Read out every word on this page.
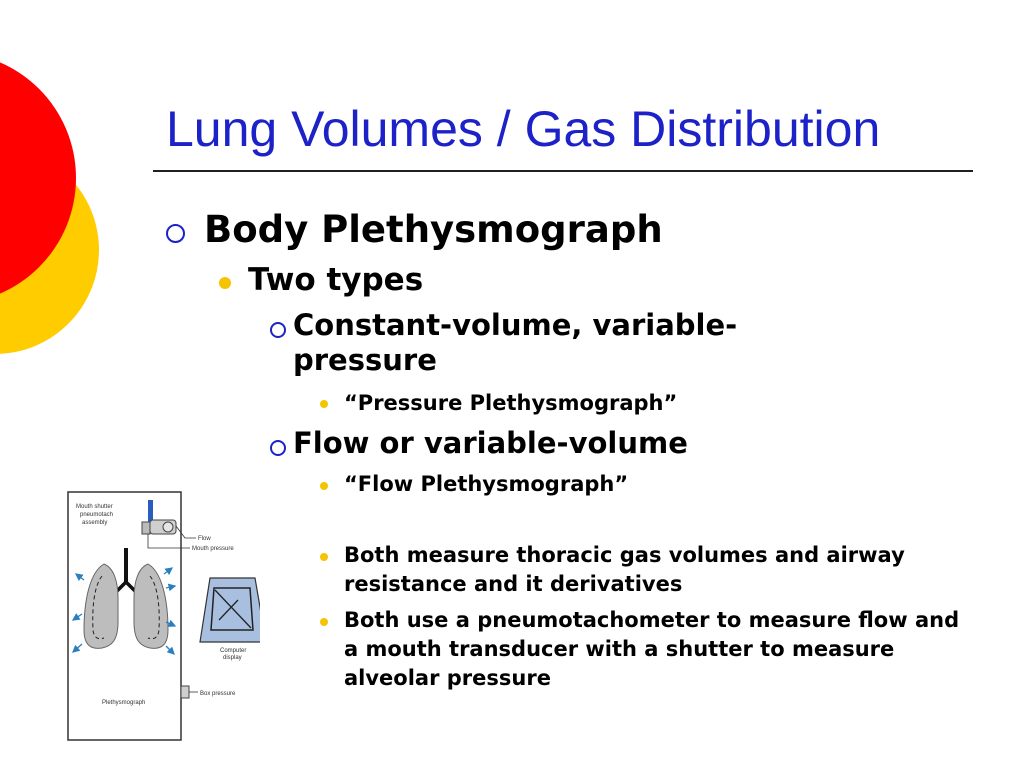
Lung Volumes / Gas Distribution
Body Plethysmograph
Two types
Constant-volume, variable-pressure
“Pressure Plethysmograph”
Flow or variable-volume
“Flow Plethysmograph”
Both measure thoracic gas volumes and airway resistance and it derivatives
Both use a pneumotachometer to measure flow and a mouth transducer with a shutter to measure alveolar pressure
Mouth shutter
pneumotach
assembly
Flow
Mouth pressure
Computer
display
Plethysmograph
Box pressure
